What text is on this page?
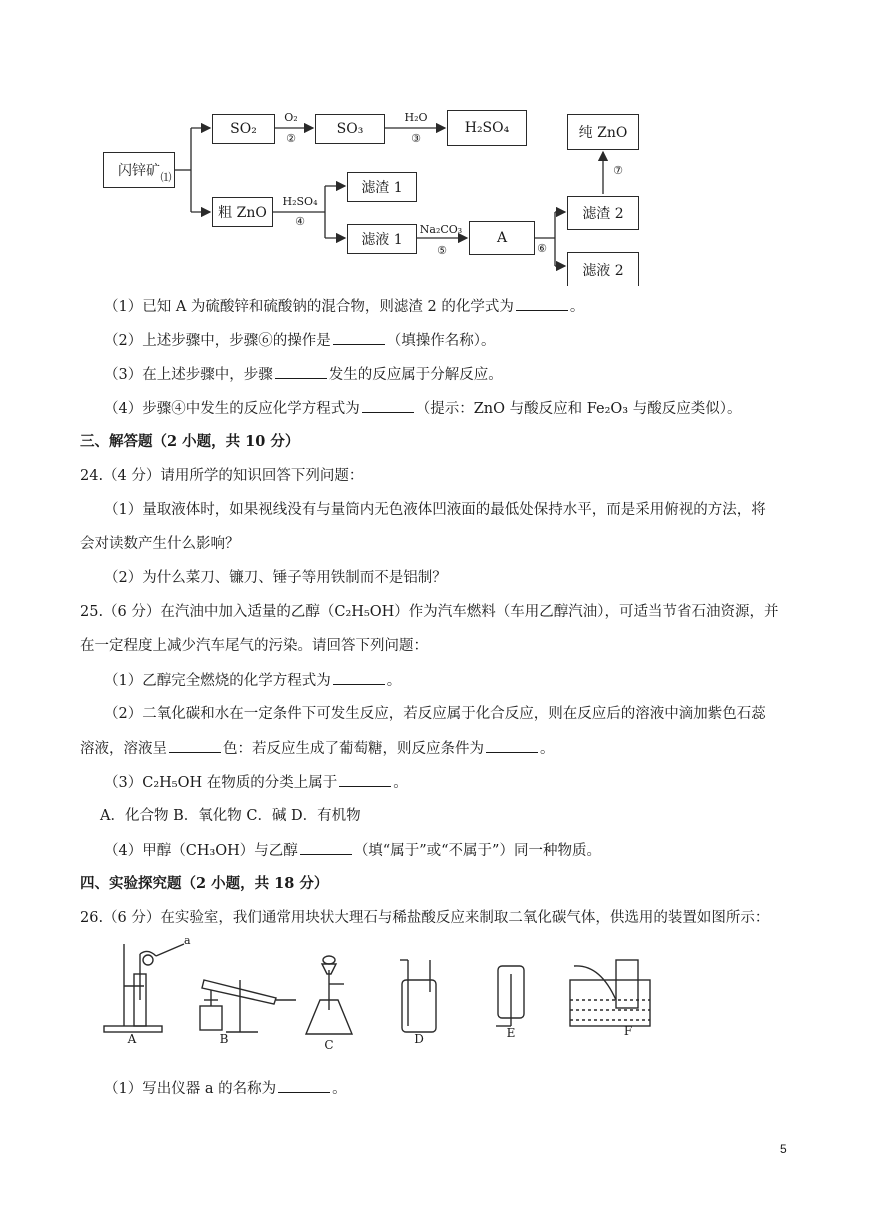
闪锌矿 ⑴
SO₂
O₂
②
SO₃
H₂O
③
H₂SO₄	纯 ZnO
⑦
粗 ZnO
H₂SO₄
④
滤渣 1
滤液 1
Na₂CO₃
⑤
A
⑥
滤渣 2
滤液 2
（1）已知 A 为硫酸锌和硫酸钠的混合物，则滤渣 2 的化学式为	。
（2）上述步骤中，步骤⑥的操作是	（填操作名称）。
（3）在上述步骤中，步骤	发生的反应属于分解反应。
（4）步骤④中发生的反应化学方程式为	（提示：ZnO 与酸反应和 Fe₂O₃ 与酸反应类似）。
三、解答题（2 小题，共 10 分）
24.（4 分）请用所学的知识回答下列问题：
（1）量取液体时，如果视线没有与量筒内无色液体凹液面的最低处保持水平，而是采用俯视的方法，将
会对读数产生什么影响？
（2）为什么菜刀、镰刀、锤子等用铁制而不是铝制？
25.（6 分）在汽油中加入适量的乙醇（C₂H₅OH）作为汽车燃料（车用乙醇汽油），可适当节省石油资源，并
在一定程度上减少汽车尾气的污染。请回答下列问题：
（1）乙醇完全燃烧的化学方程式为	。
（2）二氧化碳和水在一定条件下可发生反应，若反应属于化合反应，则在反应后的溶液中滴加紫色石蕊
溶液，溶液呈	色：若反应生成了葡萄糖，则反应条件为	。
（3）C₂H₅OH 在物质的分类上属于	。
A．化合物 B．氧化物 C．碱 D．有机物
（4）甲醇（CH₃OH）与乙醇	（填“属于”或“不属于”）同一种物质。
四、实验探究题（2 小题，共 18 分）
26.（6 分）在实验室，我们通常用块状大理石与稀盐酸反应来制取二氧化碳气体，供选用的装置如图所示：
a
A	B	C	D	E	F
（1）写出仪器 a 的名称为	。
5
